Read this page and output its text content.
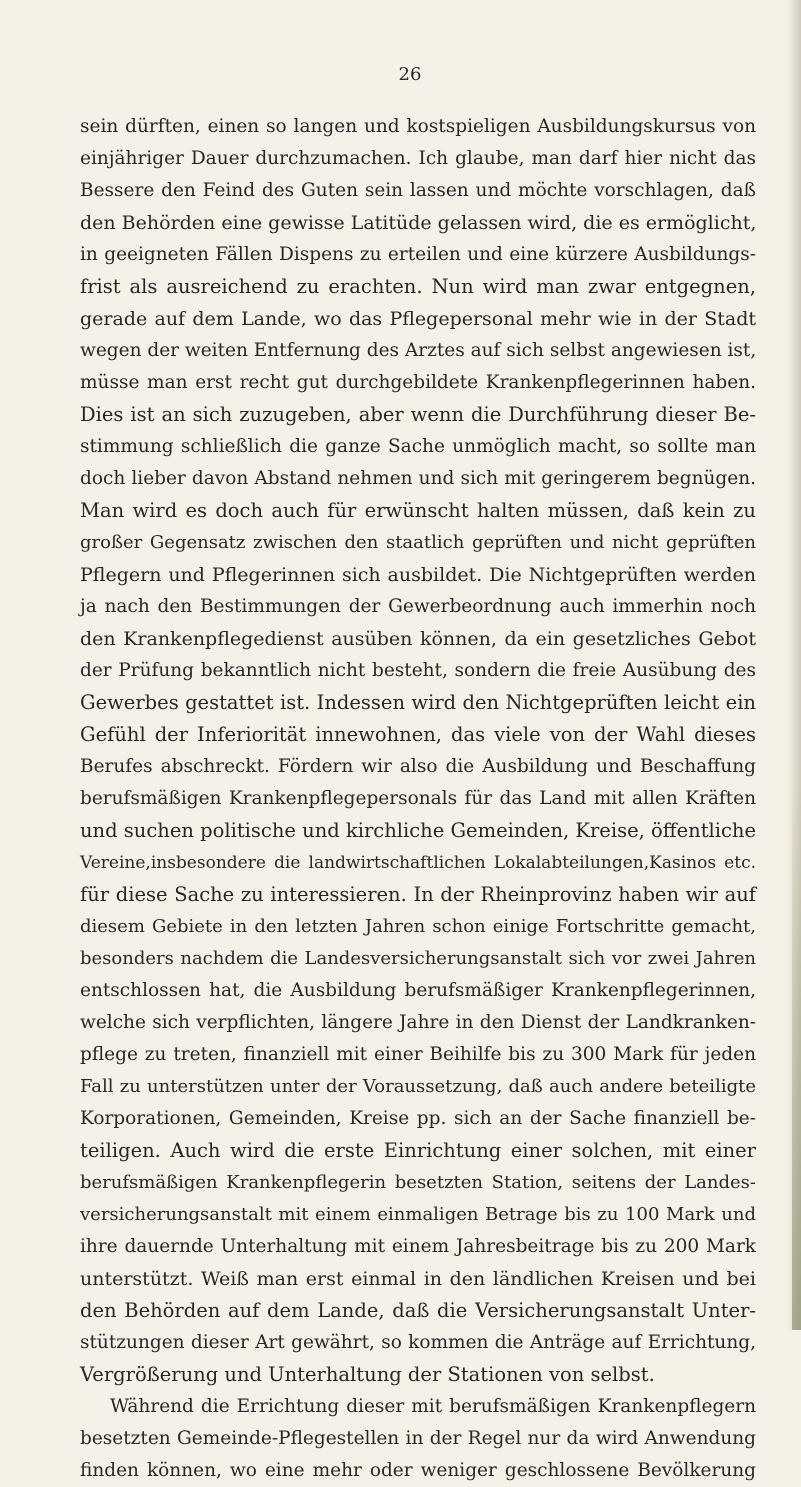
26
sein dürften, einen so langen und kostspieligen Ausbildungskursus von
einjähriger Dauer durchzumachen. Ich glaube, man darf hier nicht das
Bessere den Feind des Guten sein lassen und möchte vorschlagen, daß
den Behörden eine gewisse Latitüde gelassen wird, die es ermöglicht,
in geeigneten Fällen Dispens zu erteilen und eine kürzere Ausbildungs-
frist als ausreichend zu erachten. Nun wird man zwar entgegnen,
gerade auf dem Lande, wo das Pflegepersonal mehr wie in der Stadt
wegen der weiten Entfernung des Arztes auf sich selbst angewiesen ist,
müsse man erst recht gut durchgebildete Krankenpflegerinnen haben.
Dies ist an sich zuzugeben, aber wenn die Durchführung dieser Be-
stimmung schließlich die ganze Sache unmöglich macht, so sollte man
doch lieber davon Abstand nehmen und sich mit geringerem begnügen.
Man wird es doch auch für erwünscht halten müssen, daß kein zu
großer Gegensatz zwischen den staatlich geprüften und nicht geprüften
Pflegern und Pflegerinnen sich ausbildet. Die Nichtgeprüften werden
ja nach den Bestimmungen der Gewerbeordnung auch immerhin noch
den Krankenpflegedienst ausüben können, da ein gesetzliches Gebot
der Prüfung bekanntlich nicht besteht, sondern die freie Ausübung des
Gewerbes gestattet ist. Indessen wird den Nichtgeprüften leicht ein
Gefühl der Inferiorität innewohnen, das viele von der Wahl dieses
Berufes abschreckt. Fördern wir also die Ausbildung und Beschaffung
berufsmäßigen Krankenpflegepersonals für das Land mit allen Kräften
und suchen politische und kirchliche Gemeinden, Kreise, öffentliche
Vereine,insbesondere die landwirtschaftlichen Lokalabteilungen,Kasinos etc.
für diese Sache zu interessieren. In der Rheinprovinz haben wir auf
diesem Gebiete in den letzten Jahren schon einige Fortschritte gemacht,
besonders nachdem die Landesversicherungsanstalt sich vor zwei Jahren
entschlossen hat, die Ausbildung berufsmäßiger Krankenpflegerinnen,
welche sich verpflichten, längere Jahre in den Dienst der Landkranken-
pflege zu treten, finanziell mit einer Beihilfe bis zu 300 Mark für jeden
Fall zu unterstützen unter der Voraussetzung, daß auch andere beteiligte
Korporationen, Gemeinden, Kreise pp. sich an der Sache finanziell be-
teiligen. Auch wird die erste Einrichtung einer solchen, mit einer
berufsmäßigen Krankenpflegerin besetzten Station, seitens der Landes-
versicherungsanstalt mit einem einmaligen Betrage bis zu 100 Mark und
ihre dauernde Unterhaltung mit einem Jahresbeitrage bis zu 200 Mark
unterstützt. Weiß man erst einmal in den ländlichen Kreisen und bei
den Behörden auf dem Lande, daß die Versicherungsanstalt Unter-
stützungen dieser Art gewährt, so kommen die Anträge auf Errichtung,
Vergrößerung und Unterhaltung der Stationen von selbst.
Während die Errichtung dieser mit berufsmäßigen Krankenpflegern
besetzten Gemeinde-Pflegestellen in der Regel nur da wird Anwendung
finden können, wo eine mehr oder weniger geschlossene Bevölkerung
